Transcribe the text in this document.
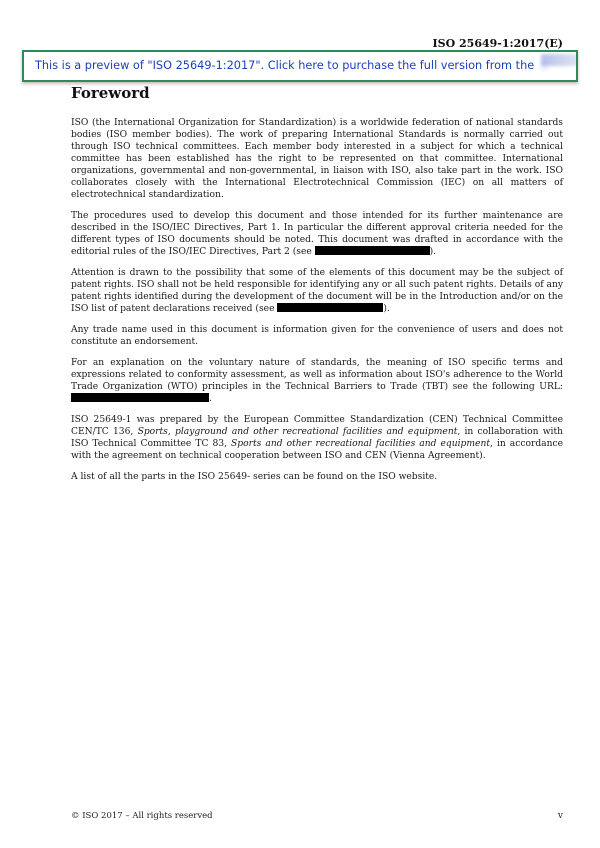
ISO 25649-1:2017(E)
This is a preview of "ISO 25649-1:2017". Click here to purchase the full version from the A
Foreword

ISO (the International Organization for Standardization) is a worldwide federation of national standards bodies (ISO member bodies). The work of preparing International Standards is normally carried out through ISO technical committees. Each member body interested in a subject for which a technical committee has been established has the right to be represented on that committee. International organizations, governmental and non-governmental, in liaison with ISO, also take part in the work. ISO collaborates closely with the International Electrotechnical Commission (IEC) on all matters of electrotechnical standardization.

The procedures used to develop this document and those intended for its further maintenance are described in the ISO/IEC Directives, Part 1. In particular the different approval criteria needed for the different types of ISO documents should be noted. This document was drafted in accordance with the editorial rules of the ISO/IEC Directives, Part 2 (see	).

Attention is drawn to the possibility that some of the elements of this document may be the subject of patent rights. ISO shall not be held responsible for identifying any or all such patent rights. Details of any patent rights identified during the development of the document will be in the Introduction and/or on the ISO list of patent declarations received (see	).

Any trade name used in this document is information given for the convenience of users and does not constitute an endorsement.

For an explanation on the voluntary nature of standards, the meaning of ISO specific terms and expressions related to conformity assessment, as well as information about ISO's adherence to the World Trade Organization (WTO) principles in the Technical Barriers to Trade (TBT) see the following URL: .

ISO 25649-1 was prepared by the European Committee Standardization (CEN) Technical Committee CEN/TC 136, Sports, playground and other recreational facilities and equipment, in collaboration with ISO Technical Committee TC 83, Sports and other recreational facilities and equipment, in accordance with the agreement on technical cooperation between ISO and CEN (Vienna Agreement).

A list of all the parts in the ISO 25649- series can be found on the ISO website.

© ISO 2017 – All rights reserved	v
